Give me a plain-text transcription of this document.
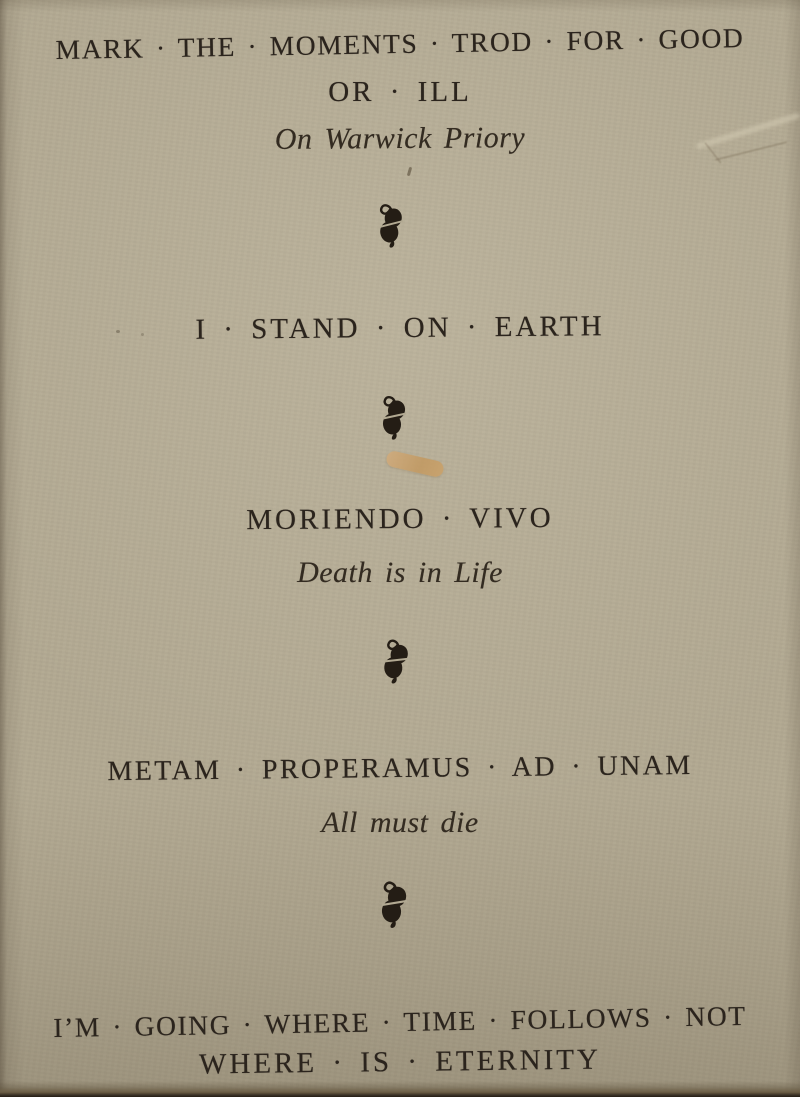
MARK · THE · MOMENTS · TROD · FOR · GOOD
OR · ILL
On Warwick Priory
I · STAND · ON · EARTH
MORIENDO · VIVO
Death is in Life
METAM · PROPERAMUS · AD · UNAM
All must die
I’M · GOING · WHERE · TIME · FOLLOWS · NOT
WHERE · IS · ETERNITY
